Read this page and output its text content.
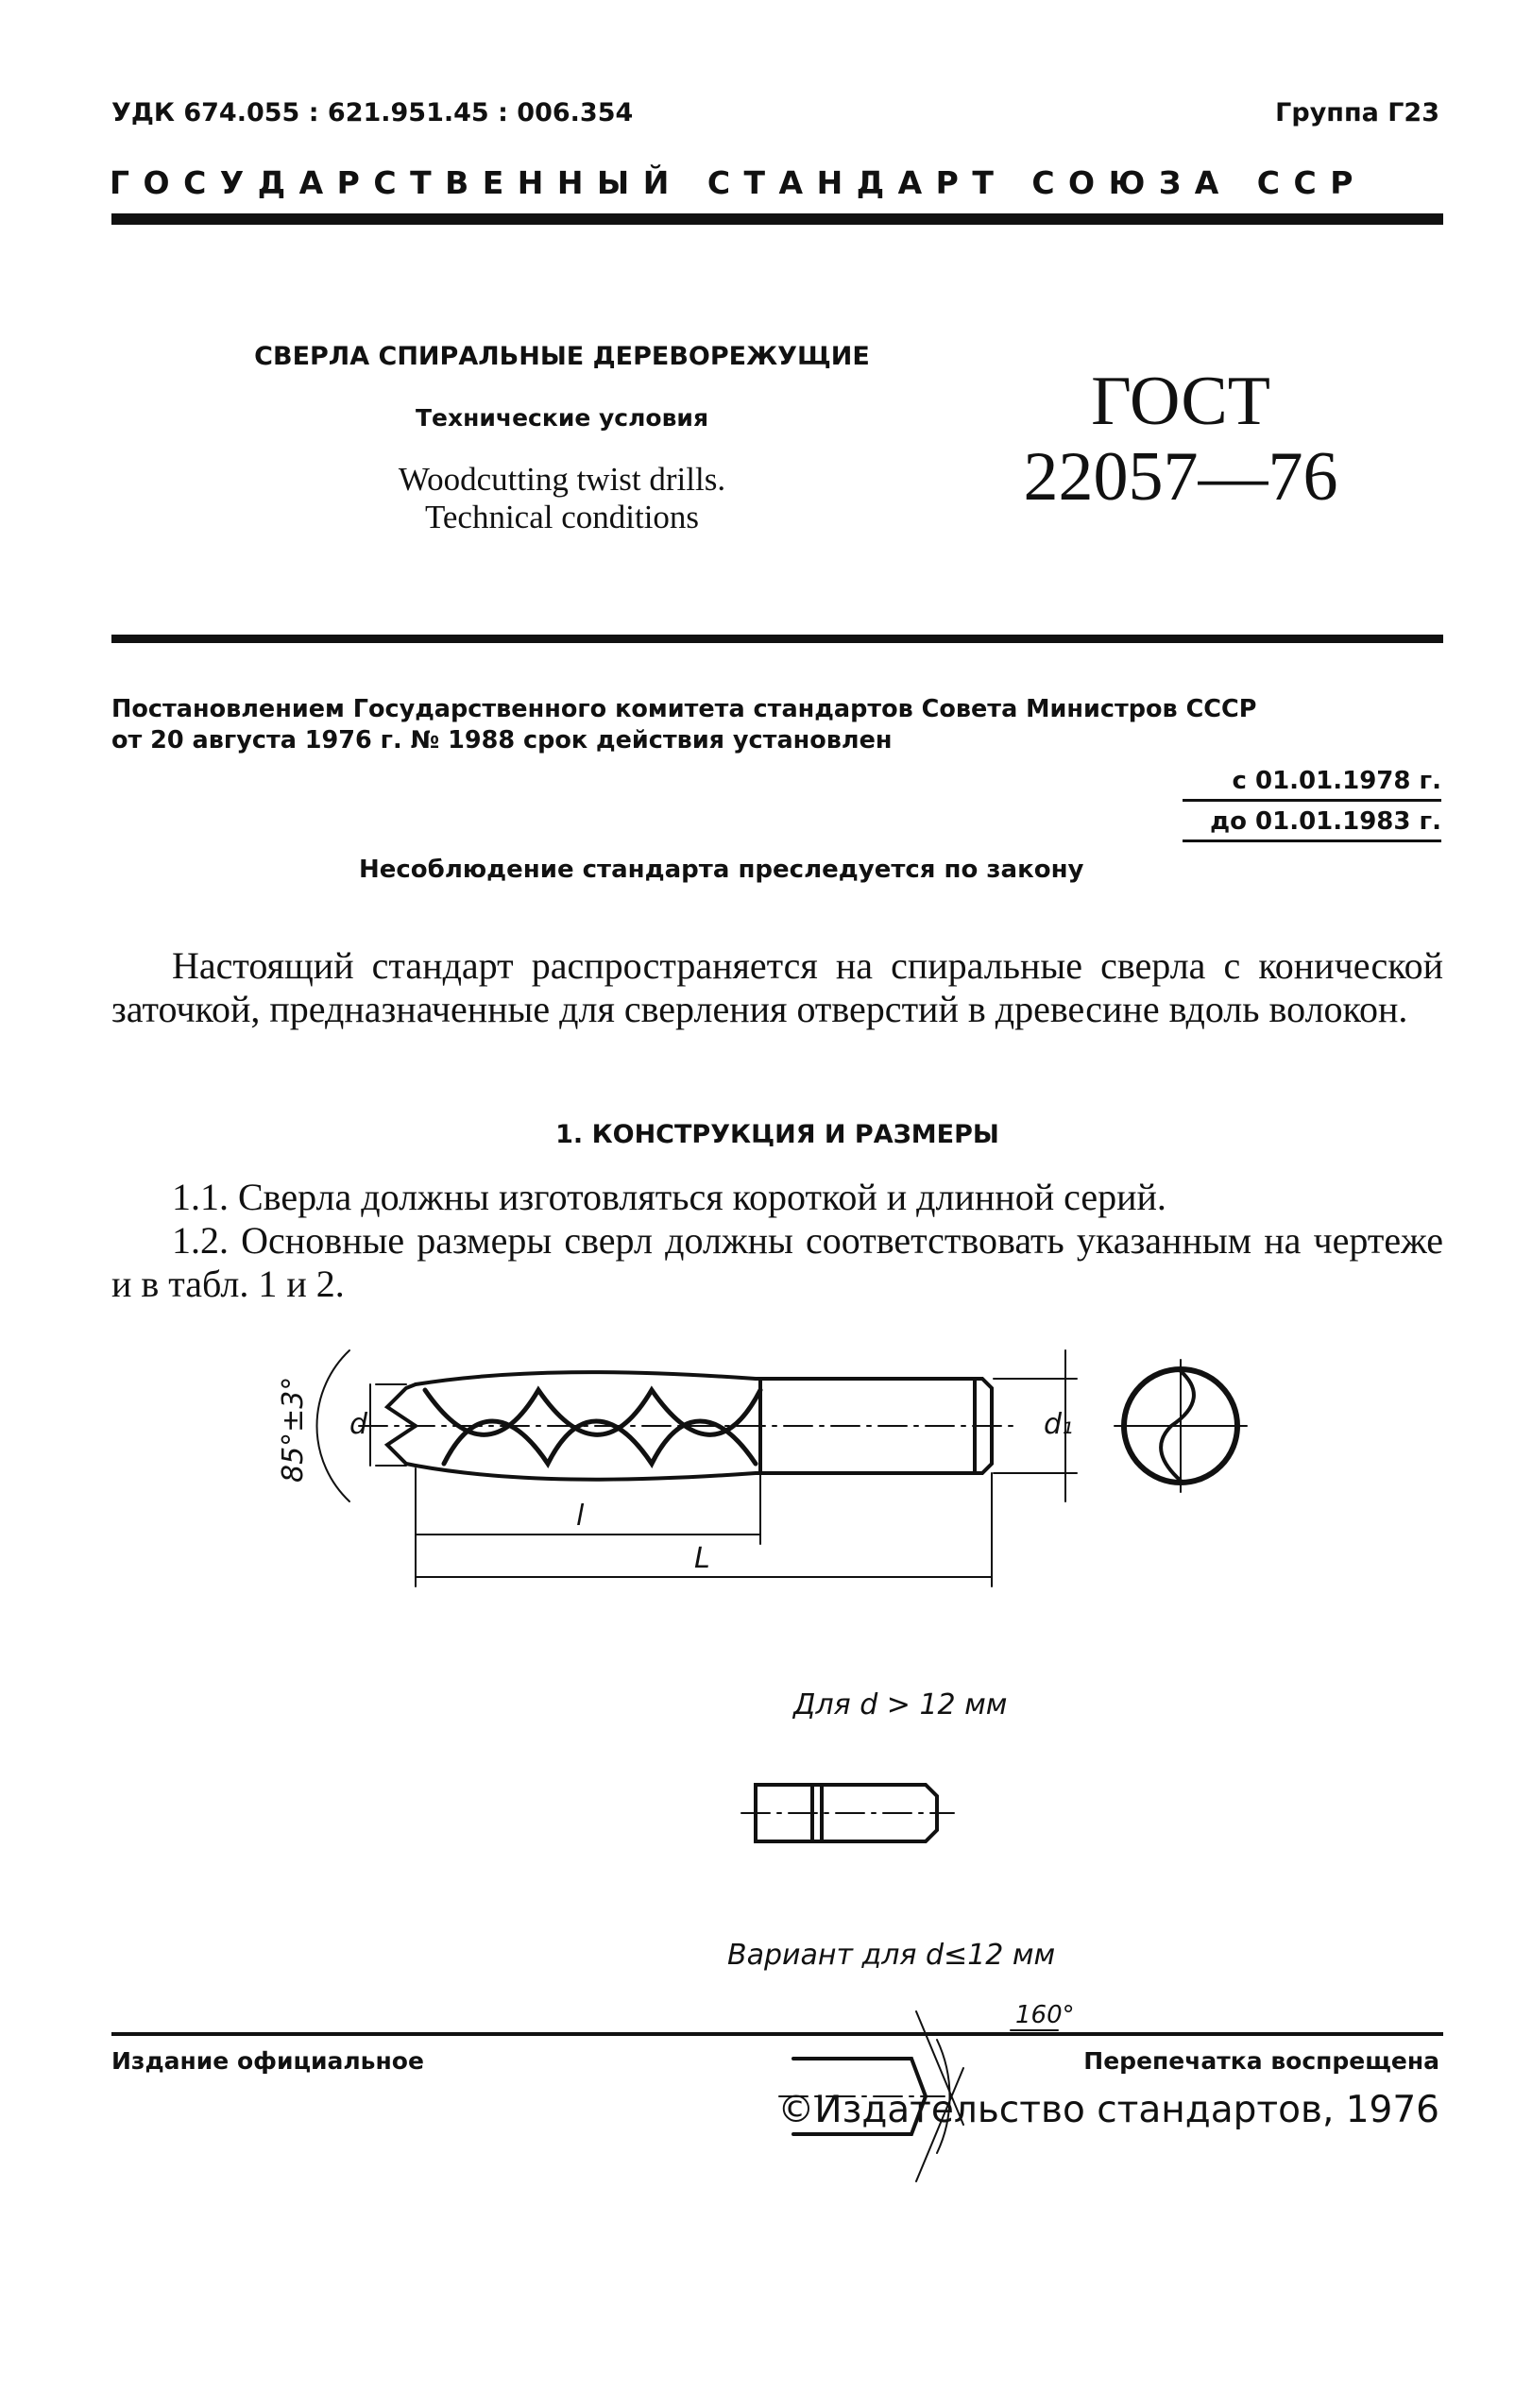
УДК 674.055 : 621.951.45 : 006.354	Группа Г23
ГОСУДАРСТВЕННЫЙ СТАНДАРТ СОЮЗА ССР
СВЕРЛА СПИРАЛЬНЫЕ ДЕРЕВОРЕЖУЩИЕ
Технические условия
Woodcutting twist drills.
Technical conditions
ГОСТ
22057—76
Постановлением Государственного комитета стандартов Совета Министров СССР
от 20 августа 1976 г. № 1988 срок действия установлен
с 01.01.1978 г.
до 01.01.1983 г.
Несоблюдение стандарта преследуется по закону
Настоящий стандарт распространяется на спиральные сверла с конической заточкой, предназначенные для сверления отверстий в древесине вдоль волокон.
1. КОНСТРУКЦИЯ И РАЗМЕРЫ
1.1. Сверла должны изготовляться короткой и длинной серий.
1.2. Основные размеры сверл должны соответствовать указанным на чертеже и в табл. 1 и 2.
85°±3° d	d₁
l
L
Для d > 12 мм
Вариант для d≤12 мм
160°
Издание официальное	Перепечатка воспрещена
©Издательство стандартов, 1976
